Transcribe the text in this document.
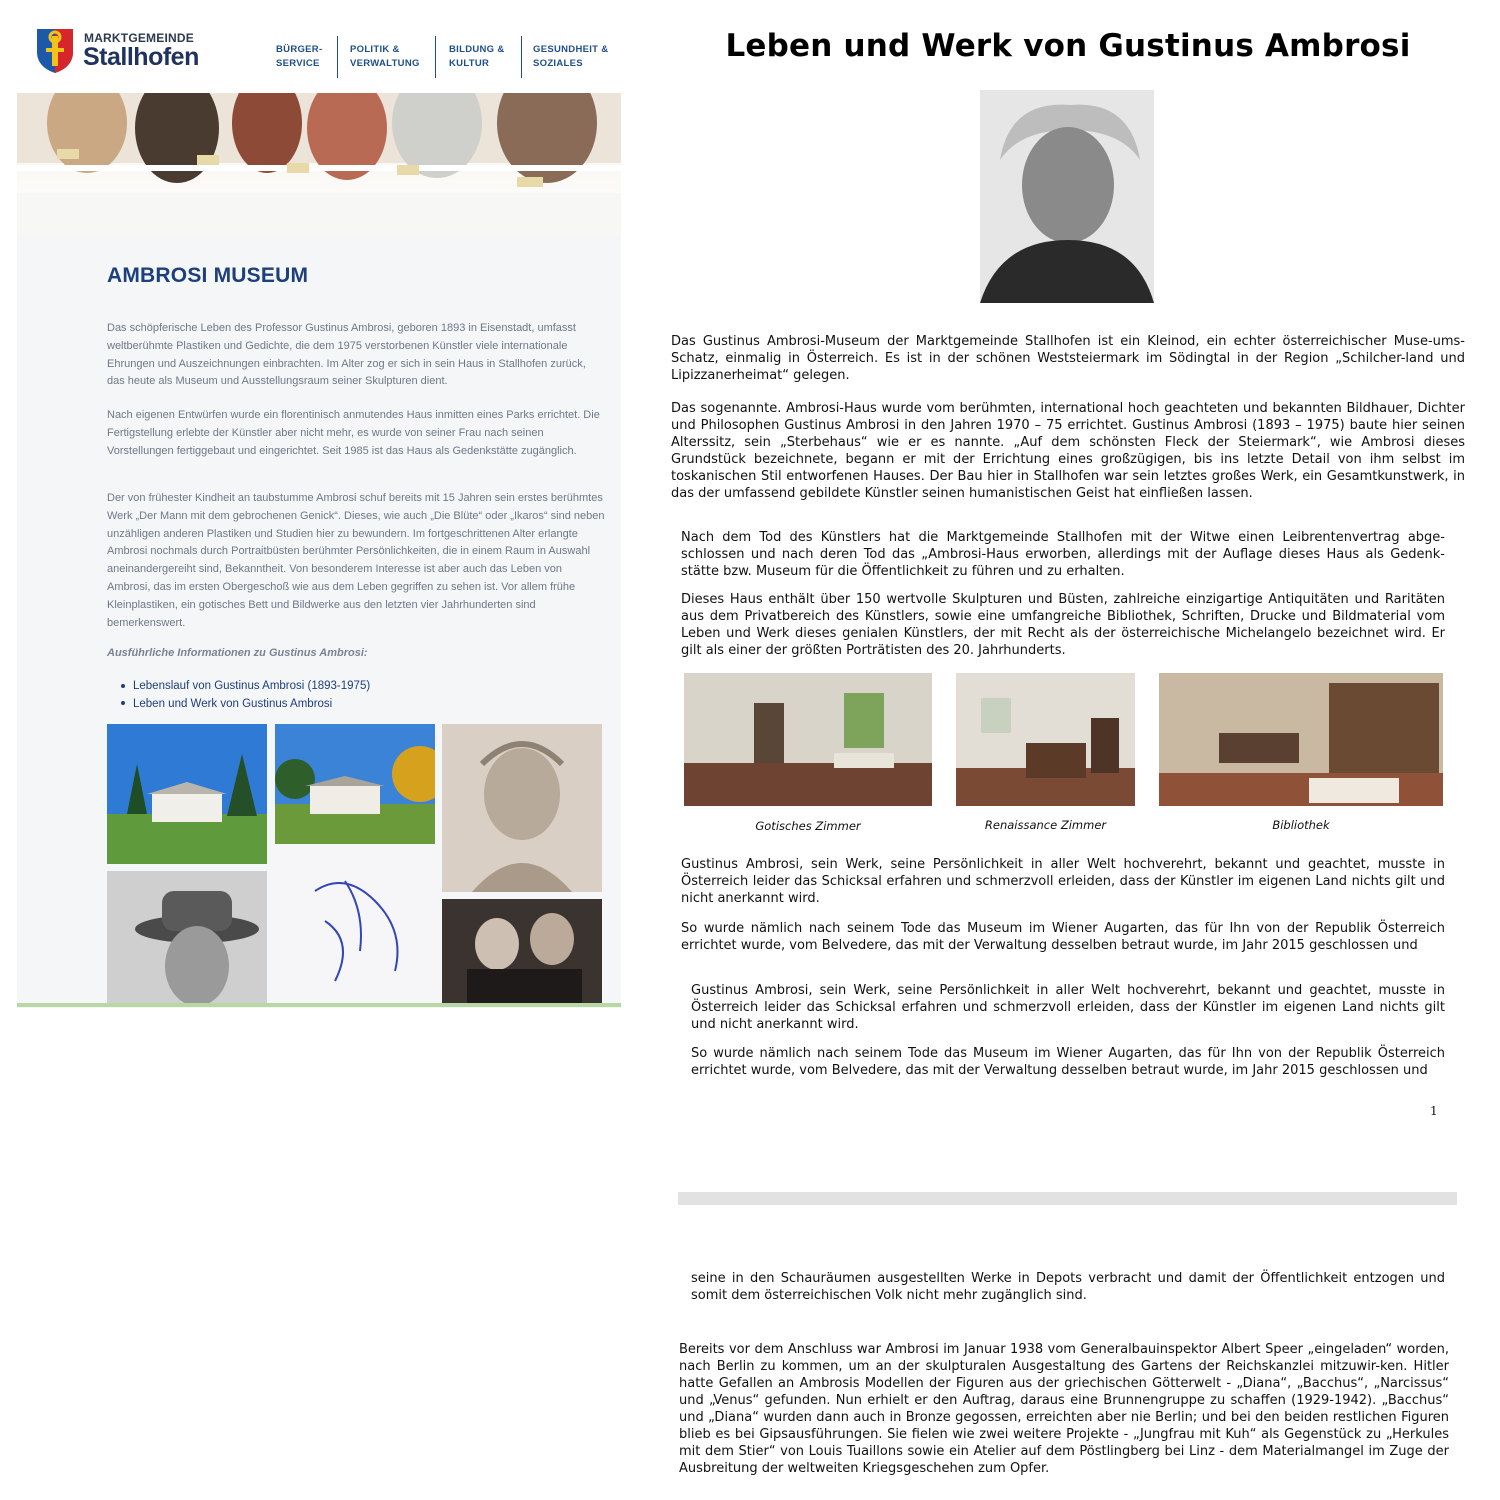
MARKTGEMEINDE
Stallhofen	BÜRGER-
SERVICE
POLITIK &
VERWALTUNG
BILDUNG &
KULTUR
GESUNDHEIT &
SOZIALES
AMBROSI MUSEUM

Das schöpferische Leben des Professor Gustinus Ambrosi, geboren 1893 in Eisenstadt, umfasst weltberühmte Plastiken und Gedichte, die dem 1975 verstorbenen Künstler viele internationale Ehrungen und Auszeichnungen einbrachten. Im Alter zog er sich in sein Haus in Stallhofen zurück, das heute als Museum und Ausstellungsraum seiner Skulpturen dient.

Nach eigenen Entwürfen wurde ein florentinisch anmutendes Haus inmitten eines Parks errichtet. Die Fertigstellung erlebte der Künstler aber nicht mehr, es wurde von seiner Frau nach seinen Vorstellungen fertiggebaut und eingerichtet. Seit 1985 ist das Haus als Gedenkstätte zugänglich.

Der von frühester Kindheit an taubstumme Ambrosi schuf bereits mit 15 Jahren sein erstes berühmtes Werk „Der Mann mit dem gebrochenen Genick“. Dieses, wie auch „Die Blüte“ oder „Ikaros“ sind neben unzähligen anderen Plastiken und Studien hier zu bewundern. Im fortgeschrittenen Alter erlangte Ambrosi nochmals durch Portraitbüsten berühmter Persönlichkeiten, die in einem Raum in Auswahl aneinandergereiht sind, Bekanntheit. Von besonderem Interesse ist aber auch das Leben von Ambrosi, das im ersten Obergeschoß wie aus dem Leben gegriffen zu sehen ist. Vor allem frühe Kleinplastiken, ein gotisches Bett und Bildwerke aus den letzten vier Jahrhunderten sind bemerkenswert.

Ausführliche Informationen zu Gustinus Ambrosi:
Lebenslauf von Gustinus Ambrosi (1893-1975)
Leben und Werk von Gustinus Ambrosi
Leben und Werk von Gustinus Ambrosi

Das Gustinus Ambrosi-Museum der Marktgemeinde Stallhofen ist ein Kleinod, ein echter österreichischer Muse-ums-Schatz, einmalig in Österreich. Es ist in der schönen Weststeiermark im Södingtal in der Region „Schilcher-land und Lipizzanerheimat“ gelegen.

Das sogenannte. Ambrosi-Haus wurde vom berühmten, international hoch geachteten und bekannten Bildhauer, Dichter und Philosophen Gustinus Ambrosi in den Jahren 1970 – 75 errichtet. Gustinus Ambrosi (1893 – 1975) baute hier seinen Alterssitz, sein „Sterbehaus“ wie er es nannte. „Auf dem schönsten Fleck der Steiermark“, wie Ambrosi dieses Grundstück bezeichnete, begann er mit der Errichtung eines großzügigen, bis ins letzte Detail von ihm selbst im toskanischen Stil entworfenen Hauses. Der Bau hier in Stallhofen war sein letztes großes Werk, ein Gesamtkunstwerk, in das der umfassend gebildete Künstler seinen humanistischen Geist hat einfließen lassen.

Nach dem Tod des Künstlers hat die Marktgemeinde Stallhofen mit der Witwe einen Leibrentenvertrag abge-schlossen und nach deren Tod das „Ambrosi-Haus erworben, allerdings mit der Auflage dieses Haus als Gedenk-stätte bzw. Museum für die Öffentlichkeit zu führen und zu erhalten.

Dieses Haus enthält über 150 wertvolle Skulpturen und Büsten, zahlreiche einzigartige Antiquitäten und Raritäten aus dem Privatbereich des Künstlers, sowie eine umfangreiche Bibliothek, Schriften, Drucke und Bildmaterial vom Leben und Werk dieses genialen Künstlers, der mit Recht als der österreichische Michelangelo bezeichnet wird. Er gilt als einer der größten Porträtisten des 20. Jahrhunderts.

Gotisches Zimmer	Renaissance Zimmer	Bibliothek

Gustinus Ambrosi, sein Werk, seine Persönlichkeit in aller Welt hochverehrt, bekannt und geachtet, musste in Österreich leider das Schicksal erfahren und schmerzvoll erleiden, dass der Künstler im eigenen Land nichts gilt und nicht anerkannt wird.

So wurde nämlich nach seinem Tode das Museum im Wiener Augarten, das für Ihn von der Republik Österreich errichtet wurde, vom Belvedere, das mit der Verwaltung desselben betraut wurde, im Jahr 2015 geschlossen und

Gustinus Ambrosi, sein Werk, seine Persönlichkeit in aller Welt hochverehrt, bekannt und geachtet, musste in Österreich leider das Schicksal erfahren und schmerzvoll erleiden, dass der Künstler im eigenen Land nichts gilt und nicht anerkannt wird.

So wurde nämlich nach seinem Tode das Museum im Wiener Augarten, das für Ihn von der Republik Österreich errichtet wurde, vom Belvedere, das mit der Verwaltung desselben betraut wurde, im Jahr 2015 geschlossen und

1

seine in den Schauräumen ausgestellten Werke in Depots verbracht und damit der Öffentlichkeit entzogen und somit dem österreichischen Volk nicht mehr zugänglich sind.

Bereits vor dem Anschluss war Ambrosi im Januar 1938 vom Generalbauinspektor Albert Speer „eingeladen“ worden, nach Berlin zu kommen, um an der skulpturalen Ausgestaltung des Gartens der Reichskanzlei mitzuwir-ken. Hitler hatte Gefallen an Ambrosis Modellen der Figuren aus der griechischen Götterwelt - „Diana“, „Bacchus“, „Narcissus“ und „Venus“ gefunden. Nun erhielt er den Auftrag, daraus eine Brunnengruppe zu schaffen (1929-1942). „Bacchus“ und „Diana“ wurden dann auch in Bronze gegossen, erreichten aber nie Berlin; und bei den beiden restlichen Figuren blieb es bei Gipsausführungen. Sie fielen wie zwei weitere Projekte - „Jungfrau mit Kuh“ als Gegenstück zu „Herkules mit dem Stier“ von Louis Tuaillons sowie ein Atelier auf dem Pöstlingberg bei Linz - dem Materialmangel im Zuge der Ausbreitung der weltweiten Kriegsgeschehen zum Opfer.
